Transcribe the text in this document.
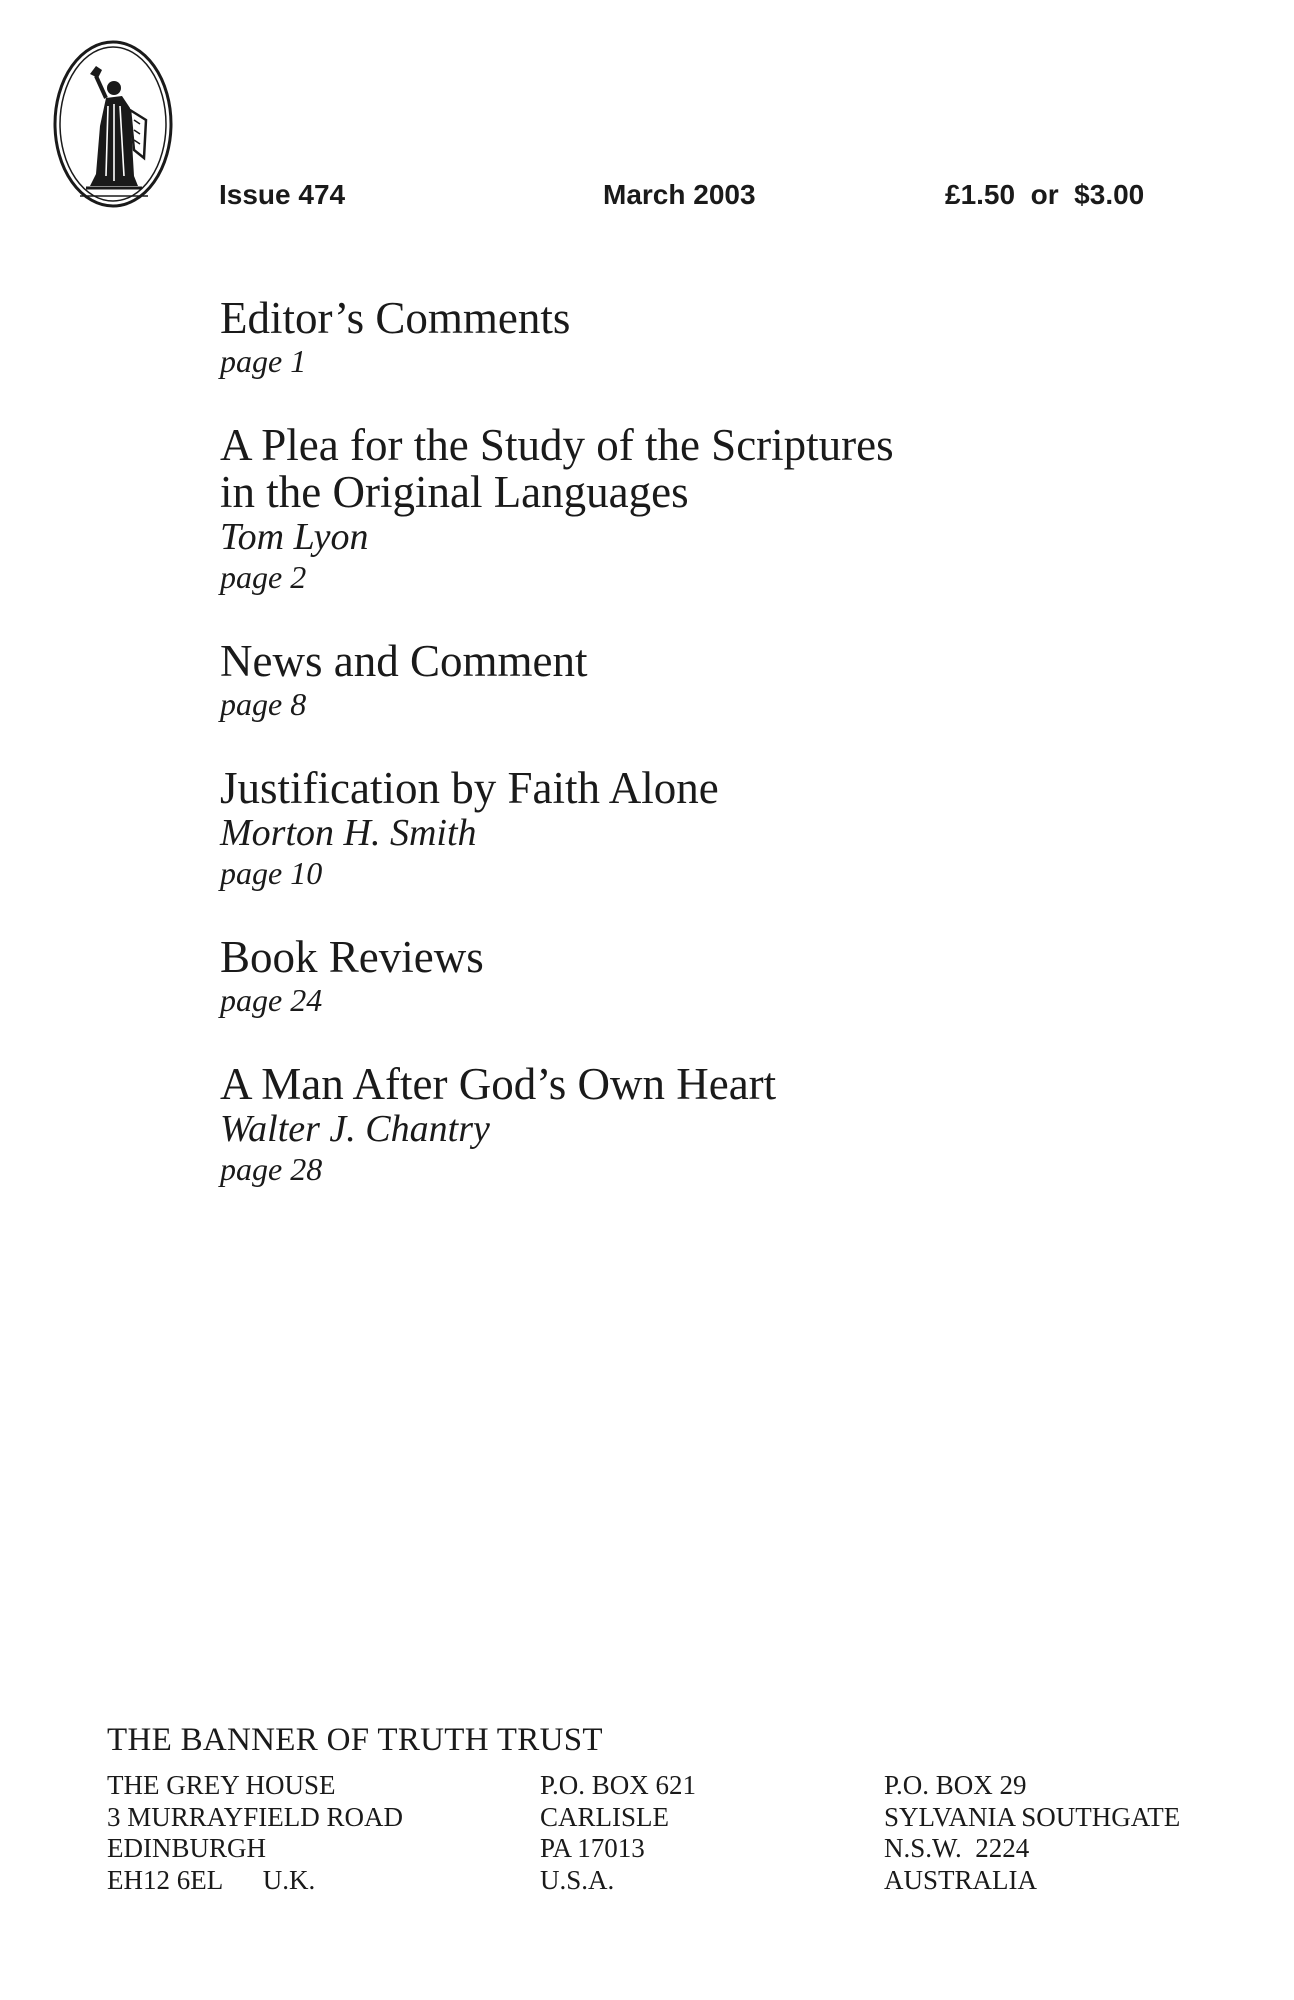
Issue 474	March 2003	£1.50  or  $3.00
Editor’s Comments
page 1
A Plea for the Study of the Scriptures
in the Original Languages
Tom Lyon
page 2
News and Comment
page 8
Justification by Faith Alone
Morton H. Smith
page 10
Book Reviews
page 24
A Man After God’s Own Heart
Walter J. Chantry
page 28
THE BANNER OF TRUTH TRUST
THE GREY HOUSE
3 MURRAYFIELD ROAD
EDINBURGH
EH12 6EL      U.K.
P.O. BOX 621
CARLISLE
PA 17013
U.S.A.
P.O. BOX 29
SYLVANIA SOUTHGATE
N.S.W.  2224
AUSTRALIA
